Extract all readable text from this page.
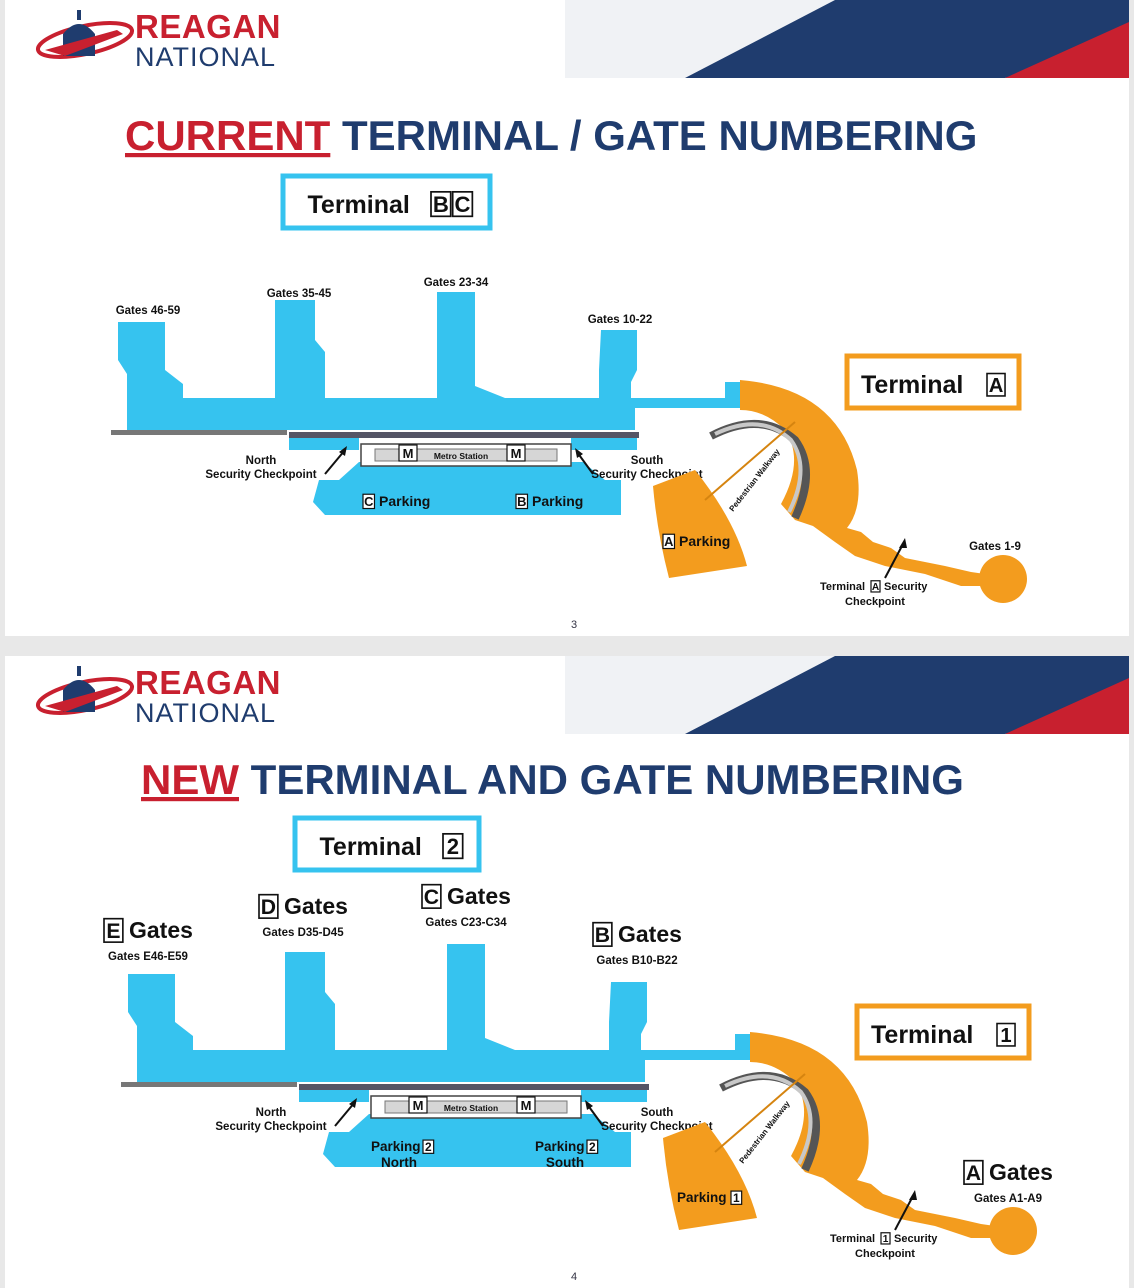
REAGAN
NATIONAL
CURRENT TERMINAL / GATE NUMBERING
Terminal B C
M	M
Metro Station
North
Security Checkpoint
South
Security Checkpoint
C Parking	B Parking	Pedestrian Walkway
A Parking
Terminal A Security
Checkpoint
Terminal A
Gates 46-59
Gates 35-45
Gates 23-34
Gates 10-22
Gates 1-9
3
REAGAN
NATIONAL
NEW TERMINAL AND GATE NUMBERING
Terminal 2
M	M
Metro Station
North
Security Checkpoint
South
Security Checkpoint
Parking 2
North
Parking 2
South	Pedestrian Walkway
Parking 1
Terminal 1 Security
Checkpoint
Terminal 1
E Gates
Gates E46-E59
D Gates
Gates D35-D45
C Gates
Gates C23-C34
B Gates
Gates B10-B22
A Gates
Gates A1-A9
4
